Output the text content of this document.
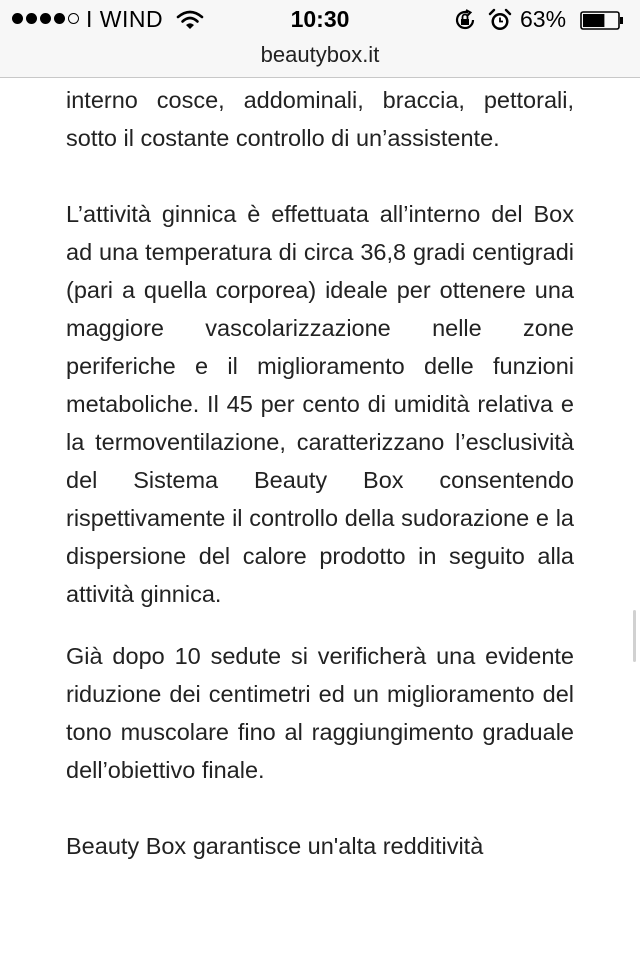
I WIND	10:30	63%
beautybox.it

interno cosce, addominali, braccia, pettorali, sotto il costante controllo di un’assistente.

L’attività ginnica è effettuata all’interno del Box ad una temperatura di circa 36,8 gradi centigradi (pari a quella corporea) ideale per ottenere una maggiore vascolarizzazione nelle zone periferiche e il miglioramento delle funzioni metaboliche. Il 45 per cento di umidità relativa e la termoventilazione, caratterizzano l’esclusività del Sistema Beauty Box consentendo rispettivamente il controllo della sudorazione e la dispersione del calore prodotto in seguito alla attività ginnica.

Già dopo 10 sedute si verificherà una evidente riduzione dei centimetri ed un miglioramento del tono muscolare fino al raggiungimento graduale dell’obiettivo finale.

Beauty Box garantisce un'alta redditività
